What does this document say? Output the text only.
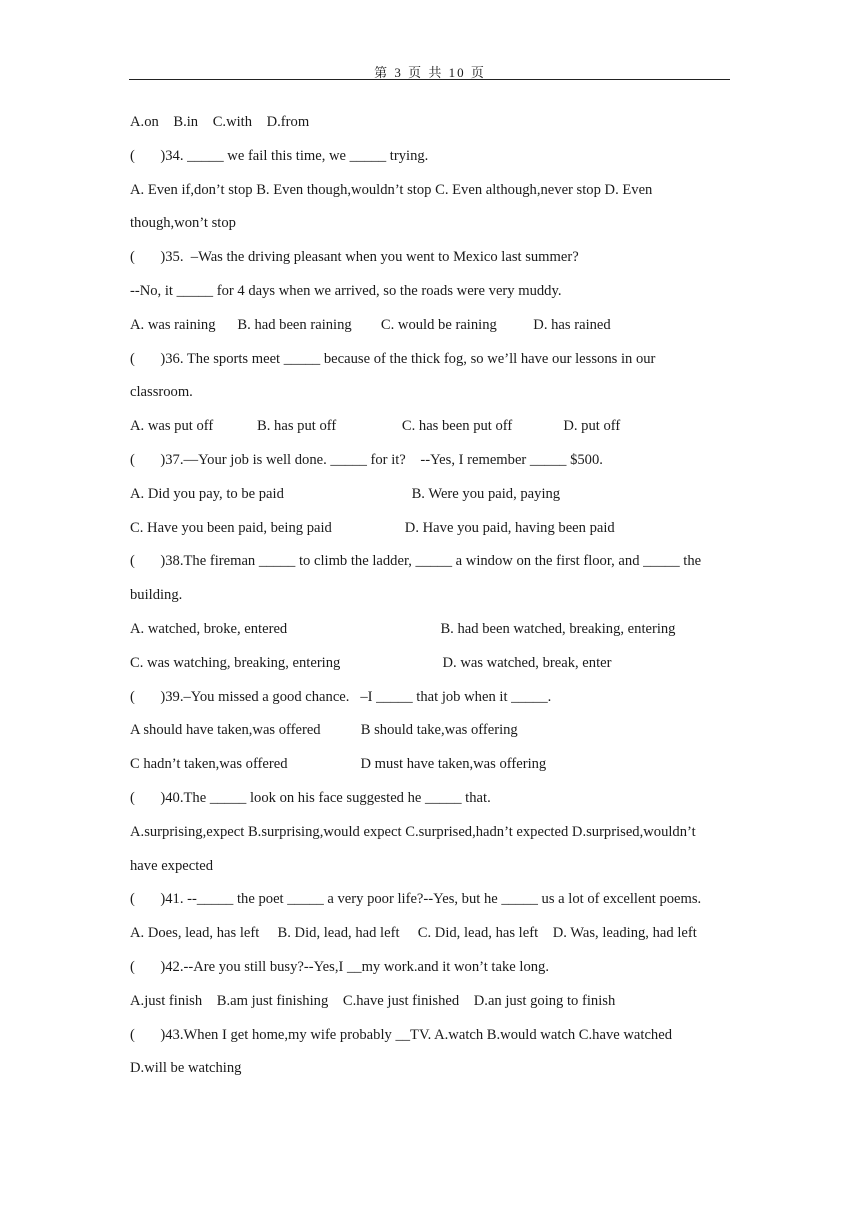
第 3 页 共 10 页
A.on    B.in    C.with    D.from
(       )34. _____ we fail this time, we _____ trying.
A. Even if,don’t stop B. Even though,wouldn’t stop C. Even although,never stop D. Even
though,won’t stop
(       )35.  –Was the driving pleasant when you went to Mexico last summer?
--No, it _____ for 4 days when we arrived, so the roads were very muddy.
A. was raining      B. had been raining        C. would be raining          D. has rained
(       )36. The sports meet _____ because of the thick fog, so we’ll have our lessons in our
classroom.
A. was put off            B. has put off                  C. has been put off              D. put off
(       )37.—Your job is well done. _____ for it?    --Yes, I remember _____ $500.
A. Did you pay, to be paid                                   B. Were you paid, paying
C. Have you been paid, being paid                    D. Have you paid, having been paid
(       )38.The fireman _____ to climb the ladder, _____ a window on the first floor, and _____ the
building.
A. watched, broke, entered                                          B. had been watched, breaking, entering
C. was watching, breaking, entering                            D. was watched, break, enter
(       )39.–You missed a good chance.   –I _____ that job when it _____.
A should have taken,was offered           B should take,was offering
C hadn’t taken,was offered                    D must have taken,was offering
(       )40.The _____ look on his face suggested he _____ that.
A.surprising,expect B.surprising,would expect C.surprised,hadn’t expected D.surprised,wouldn’t
have expected
(       )41. --_____ the poet _____ a very poor life?--Yes, but he _____ us a lot of excellent poems.
A. Does, lead, has left     B. Did, lead, had left     C. Did, lead, has left    D. Was, leading, had left
(       )42.--Are you still busy?--Yes,I __my work.and it won’t take long.
A.just finish    B.am just finishing    C.have just finished    D.an just going to finish
(       )43.When I get home,my wife probably __TV. A.watch B.would watch C.have watched
D.will be watching
